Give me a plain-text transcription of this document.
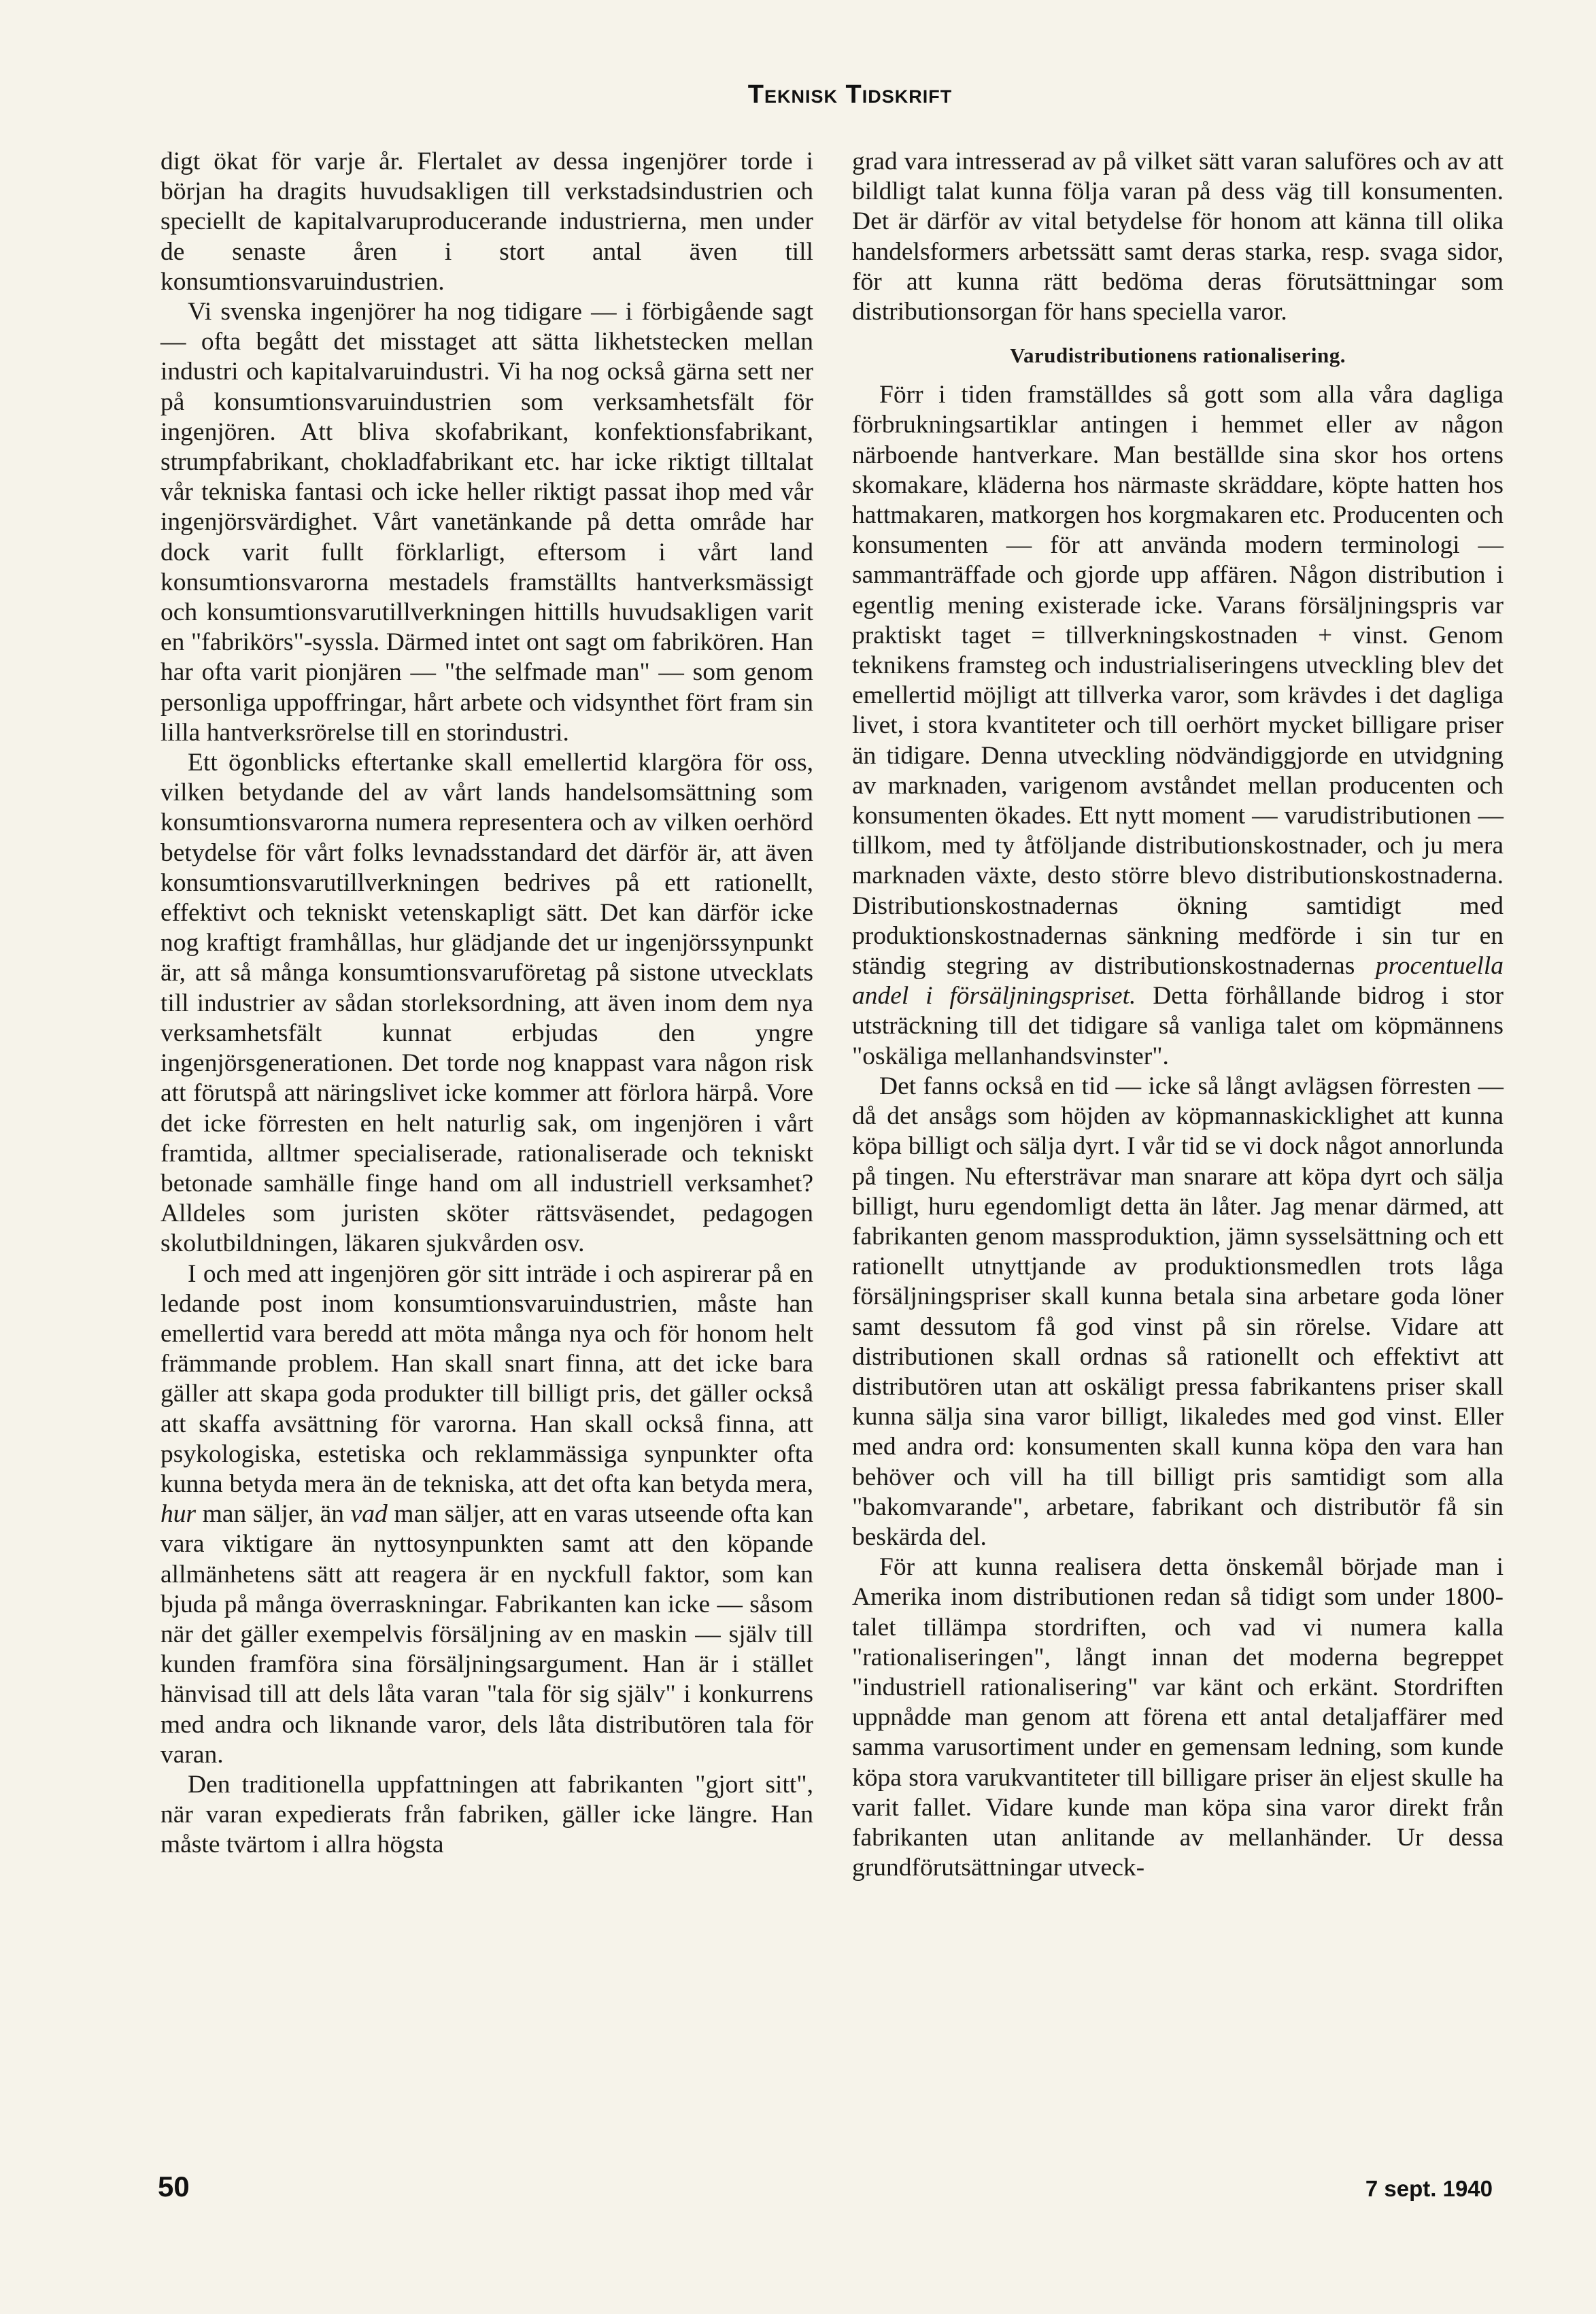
Teknisk Tidskrift

digt ökat för varje år. Flertalet av dessa ingenjörer torde i början ha dragits huvudsakligen till verkstadsindustrien och speciellt de kapitalvaruproducerande industrierna, men under de senaste åren i stort antal även till konsumtionsvaruindustrien.

Vi svenska ingenjörer ha nog tidigare — i förbigående sagt — ofta begått det misstaget att sätta likhetstecken mellan industri och kapitalvaruindustri. Vi ha nog också gärna sett ner på konsumtionsvaruindustrien som verksamhetsfält för ingenjören. Att bliva skofabrikant, konfektionsfabrikant, strumpfabrikant, chokladfabrikant etc. har icke riktigt tilltalat vår tekniska fantasi och icke heller riktigt passat ihop med vår ingenjörsvärdighet. Vårt vanetänkande på detta område har dock varit fullt förklarligt, eftersom i vårt land konsumtionsvarorna mestadels framställts hantverksmässigt och konsumtionsvarutillverkningen hittills huvudsakligen varit en "fabrikörs"-syssla. Därmed intet ont sagt om fabrikören. Han har ofta varit pionjären — "the selfmade man" — som genom personliga uppoffringar, hårt arbete och vidsynthet fört fram sin lilla hantverksrörelse till en storindustri.

Ett ögonblicks eftertanke skall emellertid klargöra för oss, vilken betydande del av vårt lands handelsomsättning som konsumtionsvarorna numera representera och av vilken oerhörd betydelse för vårt folks levnadsstandard det därför är, att även konsumtionsvarutillverkningen bedrives på ett rationellt, effektivt och tekniskt vetenskapligt sätt. Det kan därför icke nog kraftigt framhållas, hur glädjande det ur ingenjörssynpunkt är, att så många konsumtionsvaruföretag på sistone utvecklats till industrier av sådan storleksordning, att även inom dem nya verksamhetsfält kunnat erbjudas den yngre ingenjörsgenerationen. Det torde nog knappast vara någon risk att förutspå att näringslivet icke kommer att förlora härpå. Vore det icke förresten en helt naturlig sak, om ingenjören i vårt framtida, alltmer specialiserade, rationaliserade och tekniskt betonade samhälle finge hand om all industriell verksamhet? Alldeles som juristen sköter rättsväsendet, pedagogen skolutbildningen, läkaren sjukvården osv.

I och med att ingenjören gör sitt inträde i och aspirerar på en ledande post inom konsumtionsvaruindustrien, måste han emellertid vara beredd att möta många nya och för honom helt främmande problem. Han skall snart finna, att det icke bara gäller att skapa goda produkter till billigt pris, det gäller också att skaffa avsättning för varorna. Han skall också finna, att psykologiska, estetiska och reklammässiga synpunkter ofta kunna betyda mera än de tekniska, att det ofta kan betyda mera, hur man säljer, än vad man säljer, att en varas utseende ofta kan vara viktigare än nyttosynpunkten samt att den köpande allmänhetens sätt att reagera är en nyckfull faktor, som kan bjuda på många överraskningar. Fabrikanten kan icke — såsom när det gäller exempelvis försäljning av en maskin — själv till kunden framföra sina försäljningsargument. Han är i stället hänvisad till att dels låta varan "tala för sig själv" i konkurrens med andra och liknande varor, dels låta distributören tala för varan.

Den traditionella uppfattningen att fabrikanten "gjort sitt", när varan expedierats från fabriken, gäller icke längre. Han måste tvärtom i allra högsta

grad vara intresserad av på vilket sätt varan saluföres och av att bildligt talat kunna följa varan på dess väg till konsumenten. Det är därför av vital betydelse för honom att känna till olika handelsformers arbetssätt samt deras starka, resp. svaga sidor, för att kunna rätt bedöma deras förutsättningar som distributionsorgan för hans speciella varor.

Varudistributionens rationalisering.

Förr i tiden framställdes så gott som alla våra dagliga förbrukningsartiklar antingen i hemmet eller av någon närboende hantverkare. Man beställde sina skor hos ortens skomakare, kläderna hos närmaste skräddare, köpte hatten hos hattmakaren, matkorgen hos korgmakaren etc. Producenten och konsumenten — för att använda modern terminologi — sammanträffade och gjorde upp affären. Någon distribution i egentlig mening existerade icke. Varans försäljningspris var praktiskt taget = tillverkningskostnaden + vinst. Genom teknikens framsteg och industrialiseringens utveckling blev det emellertid möjligt att tillverka varor, som krävdes i det dagliga livet, i stora kvantiteter och till oerhört mycket billigare priser än tidigare. Denna utveckling nödvändiggjorde en utvidgning av marknaden, varigenom avståndet mellan producenten och konsumenten ökades. Ett nytt moment — varudistributionen — tillkom, med ty åtföljande distributionskostnader, och ju mera marknaden växte, desto större blevo distributionskostnaderna. Distributionskostnadernas ökning samtidigt med produktionskostnadernas sänkning medförde i sin tur en ständig stegring av distributionskostnadernas procentuella andel i försäljningspriset. Detta förhållande bidrog i stor utsträckning till det tidigare så vanliga talet om köpmännens "oskäliga mellanhandsvinster".

Det fanns också en tid — icke så långt avlägsen förresten — då det ansågs som höjden av köpmannaskicklighet att kunna köpa billigt och sälja dyrt. I vår tid se vi dock något annorlunda på tingen. Nu eftersträvar man snarare att köpa dyrt och sälja billigt, huru egendomligt detta än låter. Jag menar därmed, att fabrikanten genom massproduktion, jämn sysselsättning och ett rationellt utnyttjande av produktionsmedlen trots låga försäljningspriser skall kunna betala sina arbetare goda löner samt dessutom få god vinst på sin rörelse. Vidare att distributionen skall ordnas så rationellt och effektivt att distributören utan att oskäligt pressa fabrikantens priser skall kunna sälja sina varor billigt, likaledes med god vinst. Eller med andra ord: konsumenten skall kunna köpa den vara han behöver och vill ha till billigt pris samtidigt som alla "bakomvarande", arbetare, fabrikant och distributör få sin beskärda del.

För att kunna realisera detta önskemål började man i Amerika inom distributionen redan så tidigt som under 1800-talet tillämpa stordriften, och vad vi numera kalla "rationaliseringen", långt innan det moderna begreppet "industriell rationalisering" var känt och erkänt. Stordriften uppnådde man genom att förena ett antal detaljaffärer med samma varusortiment under en gemensam ledning, som kunde köpa stora varukvantiteter till billigare priser än eljest skulle ha varit fallet. Vidare kunde man köpa sina varor direkt från fabrikanten utan anlitande av mellanhänder. Ur dessa grundförutsättningar utveck-

50	7 sept. 1940
